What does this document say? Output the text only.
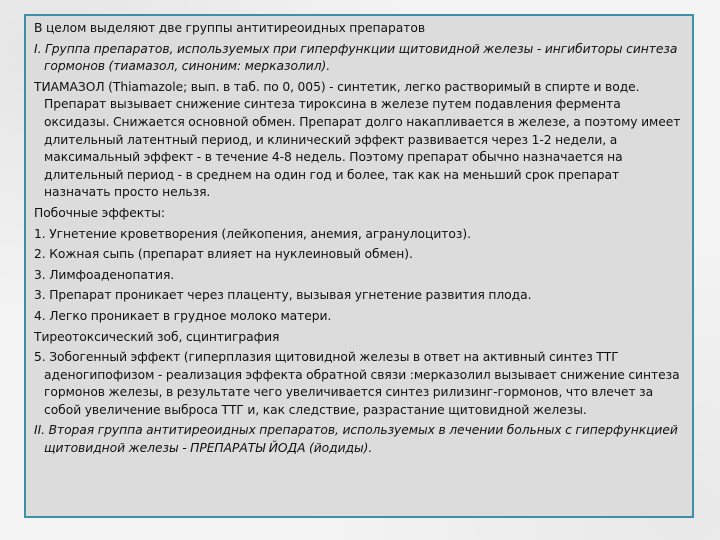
В целом выделяют две группы антитиреоидных препаратов

I. Группа препаратов, используемых при гиперфункции щитовидной железы - ингибиторы синтеза гормонов (тиамазол, синоним: мерказолил).

ТИАМАЗОЛ (Thiamazole; вып. в таб. по 0, 005) - синтетик, легко растворимый в спирте и воде. Препарат вызывает снижение синтеза тироксина в железе путем подавления фермента оксидазы. Снижается основной обмен. Препарат долго накапливается в железе, а поэтому имеет длительный латентный период, и клинический эффект развивается через 1-2 недели, а максимальный эффект - в течение 4-8 недель. Поэтому препарат обычно назначается на длительный период - в среднем на один год и более, так как на меньший срок препарат назначать просто нельзя.

Побочные эффекты:

1. Угнетение кроветворения (лейкопения, анемия, агранулоцитоз).

2. Кожная сыпь (препарат влияет на нуклеиновый обмен).

3. Лимфоаденопатия.

3. Препарат проникает через плаценту, вызывая угнетение развития плода.

4. Легко проникает в грудное молоко матери.

Тиреотоксический зоб, сцинтиграфия

5. Зобогенный эффект (гиперплазия щитовидной железы в ответ на активный синтез ТТГ аденогипофизом - реализация эффекта обратной связи :мерказолил вызывает снижение синтеза гормонов железы, в результате чего увеличивается синтез рилизинг-гормонов, что влечет за собой увеличение выброса ТТГ и, как следствие, разрастание щитовидной железы.

II. Вторая группа антитиреоидных препаратов, используемых в лечении больных с гиперфункцией щитовидной железы - ПРЕПАРАТЫ ЙОДА (йодиды).
